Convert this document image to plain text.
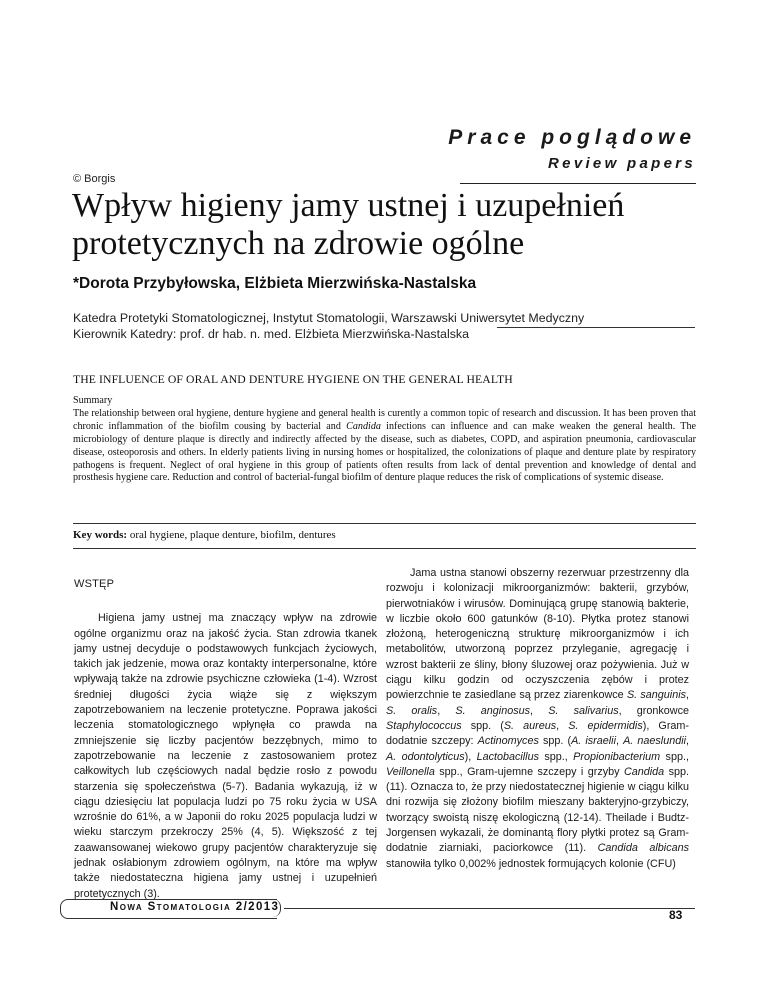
Prace poglądowe
Review papers
© Borgis
Wpływ higieny jamy ustnej i uzupełnień protetycznych na zdrowie ogólne
*Dorota Przybyłowska, Elżbieta Mierzwińska-Nastalska
Katedra Protetyki Stomatologicznej, Instytut Stomatologii, Warszawski Uniwersytet Medyczny
Kierownik Katedry: prof. dr hab. n. med. Elżbieta Mierzwińska-Nastalska
THE INFLUENCE OF ORAL AND DENTURE HYGIENE ON THE GENERAL HEALTH

Summary

The relationship between oral hygiene, denture hygiene and general health is curently a common topic of research and discussion. It has been proven that chronic inflammation of the biofilm cousing by bacterial and Candida infections can influence and can make weaken the general health. The microbiology of denture plaque is directly and indirectly affected by the disease, such as diabetes, COPD, and aspiration pneumonia, cardiovascular disease, osteoporosis and others. In elderly patients living in nursing homes or hospitalized, the colonizations of plaque and denture plate by respiratory pathogens is frequent. Neglect of oral hygiene in this group of patients often results from lack of dental prevention and knowledge of dental and prosthesis hygiene care. Reduction and control of bacterial-fungal biofilm of denture plaque reduces the risk of complications of systemic disease.

Key words: oral hygiene, plaque denture, biofilm, dentures
WSTĘP

Higiena jamy ustnej ma znaczący wpływ na zdrowie ogólne organizmu oraz na jakość życia. Stan zdrowia tkanek jamy ustnej decyduje o podstawowych funkcjach życiowych, takich jak jedzenie, mowa oraz kontakty interpersonalne, które wpływają także na zdrowie psychiczne człowieka (1-4). Wzrost średniej długości życia wiąże się z większym zapotrzebowaniem na leczenie protetyczne. Poprawa jakości leczenia stomatologicznego wpłynęła co prawda na zmniejszenie się liczby pacjentów bezzębnych, mimo to zapotrzebowanie na leczenie z zastosowaniem protez całkowitych lub częściowych nadal będzie rosło z powodu starzenia się społeczeństwa (5-7). Badania wykazują, iż w ciągu dziesięciu lat populacja ludzi po 75 roku życia w USA wzrośnie do 61%, a w Japonii do roku 2025 populacja ludzi w wieku starczym przekroczy 25% (4, 5). Większość z tej zaawansowanej wiekowo grupy pacjentów charakteryzuje się jednak osłabionym zdrowiem ogólnym, na które ma wpływ także niedostateczna higiena jamy ustnej i uzupełnień protetycznych (3).

Jama ustna stanowi obszerny rezerwuar przestrzenny dla rozwoju i kolonizacji mikroorganizmów: bakterii, grzybów, pierwotniaków i wirusów. Dominującą grupę stanowią bakterie, w liczbie około 600 gatunków (8-10). Płytka protez stanowi złożoną, heterogeniczną strukturę mikroorganizmów i ich metabolitów, utworzoną poprzez przyleganie, agregację i wzrost bakterii ze śliny, błony śluzowej oraz pożywienia. Już w ciągu kilku godzin od oczyszczenia zębów i protez powierzchnie te zasiedlane są przez ziarenkowce S. sanguinis, S. oralis, S. anginosus, S. salivarius, gronkowce Staphylococcus spp. (S. aureus, S. epidermidis), Gram-dodatnie szczepy: Actinomyces spp. (A. israelii, A. naeslundii, A. odontolyticus), Lactobacillus spp., Propionibacterium spp., Veillonella spp., Gram-ujemne szczepy i grzyby Candida spp. (11). Oznacza to, że przy niedostatecznej higienie w ciągu kilku dni rozwija się złożony biofilm mieszany bakteryjno-grzybiczy, tworzący swoistą niszę ekologiczną (12-14). Theilade i Budtz-Jorgensen wykazali, że dominantą flory płytki protez są Gram-dodatnie ziarniaki, paciorkowce (11). Candida albicans stanowiła tylko 0,002% jednostek formujących kolonie (CFU)

Nowa Stomatologia 2/2013
83
